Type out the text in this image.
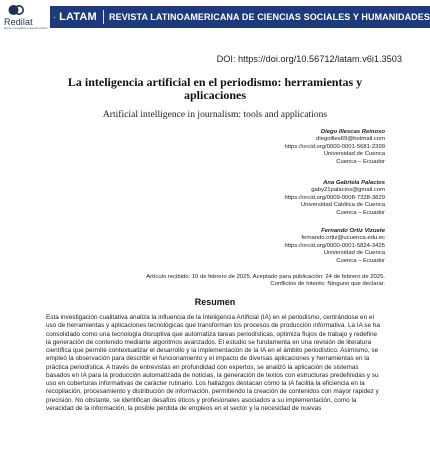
Redilat
Red de Investigadores Latinoamericanos
LATAM REVISTA LATINOAMERICANA DE CIENCIAS SOCIALES Y HUMANIDADES
DOI: https://doi.org/10.56712/latam.v6i1.3503
La inteligencia artificial en el periodismo: herramientas y
aplicaciones
Artificial intelligence in journalism: tools and applications
Diego Illescas Reinoso
diegoilles69@hotmail.com
https://orcid.org/0000-0001-5681-2399
Universidad de Cuenca
Cuenca – Ecuador
Ana Gabriela Palacios
gaby21palacios@gmail.com
https://orcid.org/0009-0008-7328-3829
Universidad Católica de Cuenca
Cuenca – Ecuador
Fernando Ortiz Vizuete
fernando.ortiz@ucuenca.edu.ec
https://orcid.org/0000-0001-5824-3425
Universidad de Cuenca
Cuenca – Ecuador
Artículo recibido: 10 de febrero de 2025. Aceptado para publicación: 24 de febrero de 2025.
Conflictos de Interés: Ninguno que declarar.
Resumen

Esta investigación cualitativa analiza la influencia de la Inteligencia Artificial (IA) en el periodismo, centrándose en el uso de herramientas y aplicaciones tecnológicas que transforman los procesos de producción informativa. La IA se ha consolidado como una tecnología disruptiva que automatiza tareas periodísticas, optimiza flujos de trabajo y redefine la generación de contenido mediante algoritmos avanzados. El estudio se fundamenta en una revisión de literatura científica que permite contextualizar el desarrollo y la implementación de la IA en el ámbito periodístico. Asimismo, se empleó la observación para describir el funcionamiento y el impacto de diversas aplicaciones y herramientas en la práctica periodística. A través de entrevistas en profundidad con expertos, se analizó la aplicación de sistemas basados en IA para la producción automatizada de noticias, la generación de textos con estructuras predefinidas y su uso en coberturas informativas de carácter rutinario. Los hallazgos destacan cómo la IA facilita la eficiencia en la recopilación, procesamiento y distribución de información, permitiendo la creación de contenidos con mayor rapidez y precisión. No obstante, se identifican desafíos éticos y profesionales asociados a su implementación, como la veracidad de la información, la posible pérdida de empleos en el sector y la necesidad de nuevas
